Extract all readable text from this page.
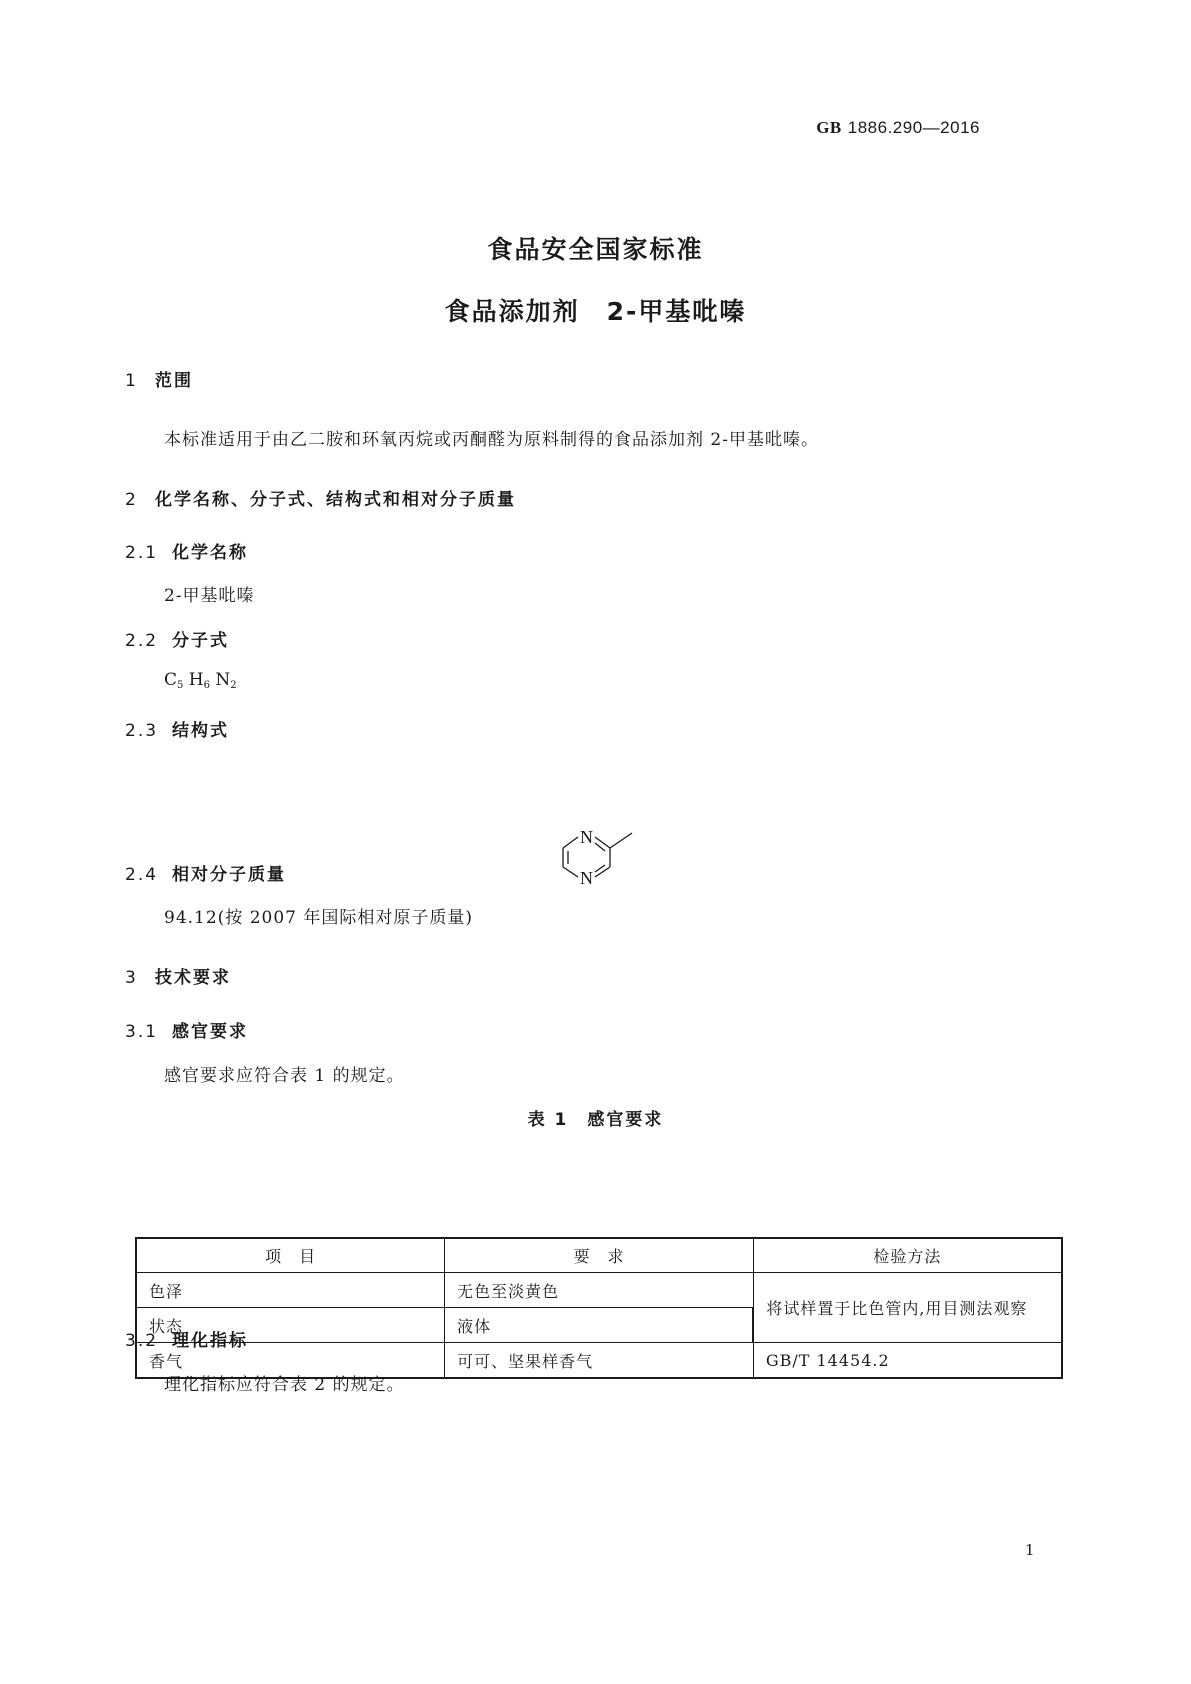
GB 1886.290—2016
食品安全国家标准
食品添加剂　2-甲基吡嗪
1 范围
本标准适用于由乙二胺和环氧丙烷或丙酮醛为原料制得的食品添加剂 2-甲基吡嗪。
2 化学名称、分子式、结构式和相对分子质量
2.1 化学名称
2-甲基吡嗪
2.2 分子式
$C_5$ $H_6$ $N_2$
2.3 结构式
N
N
2.4 相对分子质量
94.12(按 2007 年国际相对原子质量)
3 技术要求
3.1 感官要求
感官要求应符合表 1 的规定。
表 1　感官要求
项　目	要　求	检验方法
色泽	无色至淡黄色	将试样置于比色管内,用目测法观察
状态	液体	
香气	可可、坚果样香气	GB/T 14454.2
3.2 理化指标
理化指标应符合表 2 的规定。
1
